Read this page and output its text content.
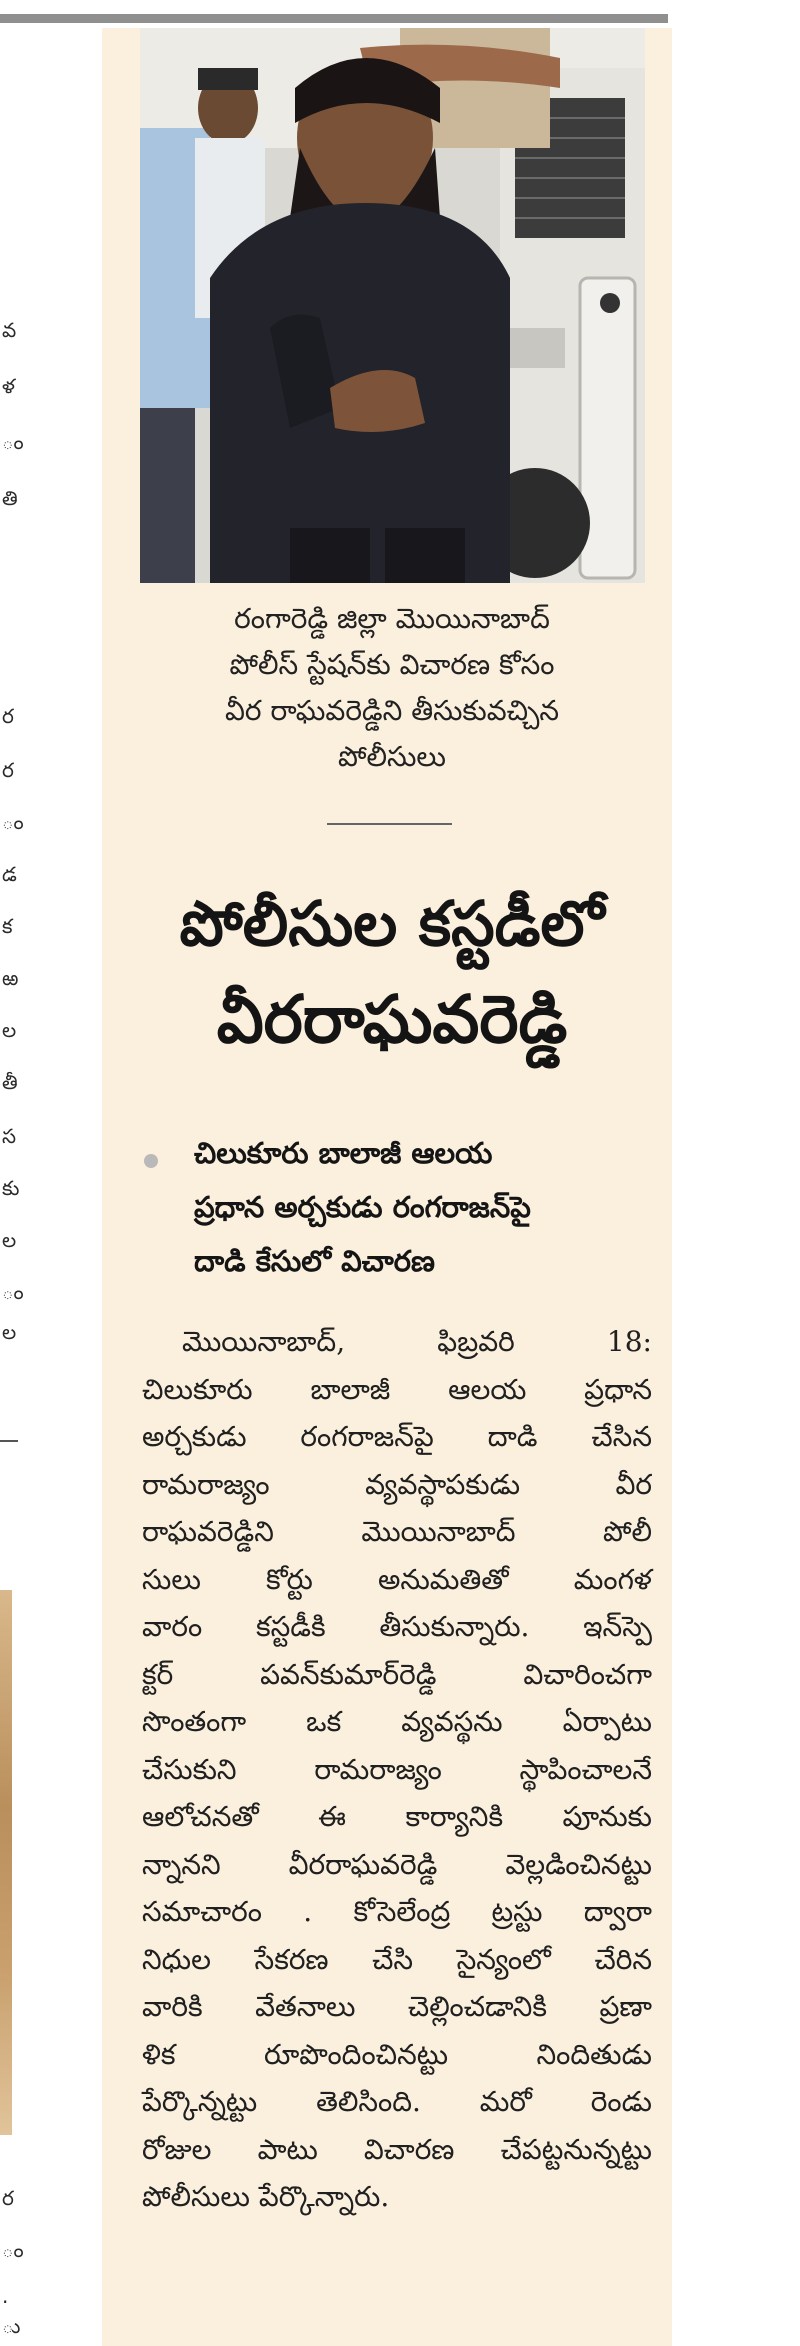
వ
ళ
ం
తి
ర
ర
ం
డ
క
ఱ
ల
తీ
స
కు
ల
ం
ల
ర
ం
.
ు
రంగారెడ్డి జిల్లా మొయినాబాద్
పోలీస్ స్టేషన్‌కు విచారణ కోసం
వీర రాఘవరెడ్డిని తీసుకువచ్చిన
పోలీసులు
పోలీసుల కస్టడీలో
వీరరాఘవరెడ్డి
చిలుకూరు బాలాజీ ఆలయ
ప్రధాన అర్చకుడు రంగరాజన్‌పై
దాడి కేసులో విచారణ
మొయినాబాద్, ఫిబ్రవరి 18:
చిలుకూరు బాలాజీ ఆలయ ప్రధాన
అర్చకుడు రంగరాజన్‌పై దాడి చేసిన
రామరాజ్యం వ్యవస్థాపకుడు వీర
రాఘవరెడ్డిని మొయినాబాద్ పోలీ
సులు కోర్టు అనుమతితో మంగళ
వారం కస్టడీకి తీసుకున్నారు. ఇన్‌స్పె
క్టర్ పవన్‌కుమార్‌రెడ్డి విచారించగా
సొంతంగా ఒక వ్యవస్థను ఏర్పాటు
చేసుకుని రామరాజ్యం స్థాపించాలనే
ఆలోచనతో ఈ కార్యానికి పూనుకు
న్నానని వీరరాఘవరెడ్డి వెల్లడించినట్టు
సమాచారం . కోసెలేంద్ర ట్రస్టు ద్వారా
నిధుల సేకరణ చేసి సైన్యంలో చేరిన
వారికి వేతనాలు చెల్లించడానికి ప్రణా
ళిక రూపొందించినట్టు నిందితుడు
పేర్కొన్నట్టు తెలిసింది. మరో రెండు
రోజుల పాటు విచారణ చేపట్టనున్నట్టు
పోలీసులు పేర్కొన్నారు.
